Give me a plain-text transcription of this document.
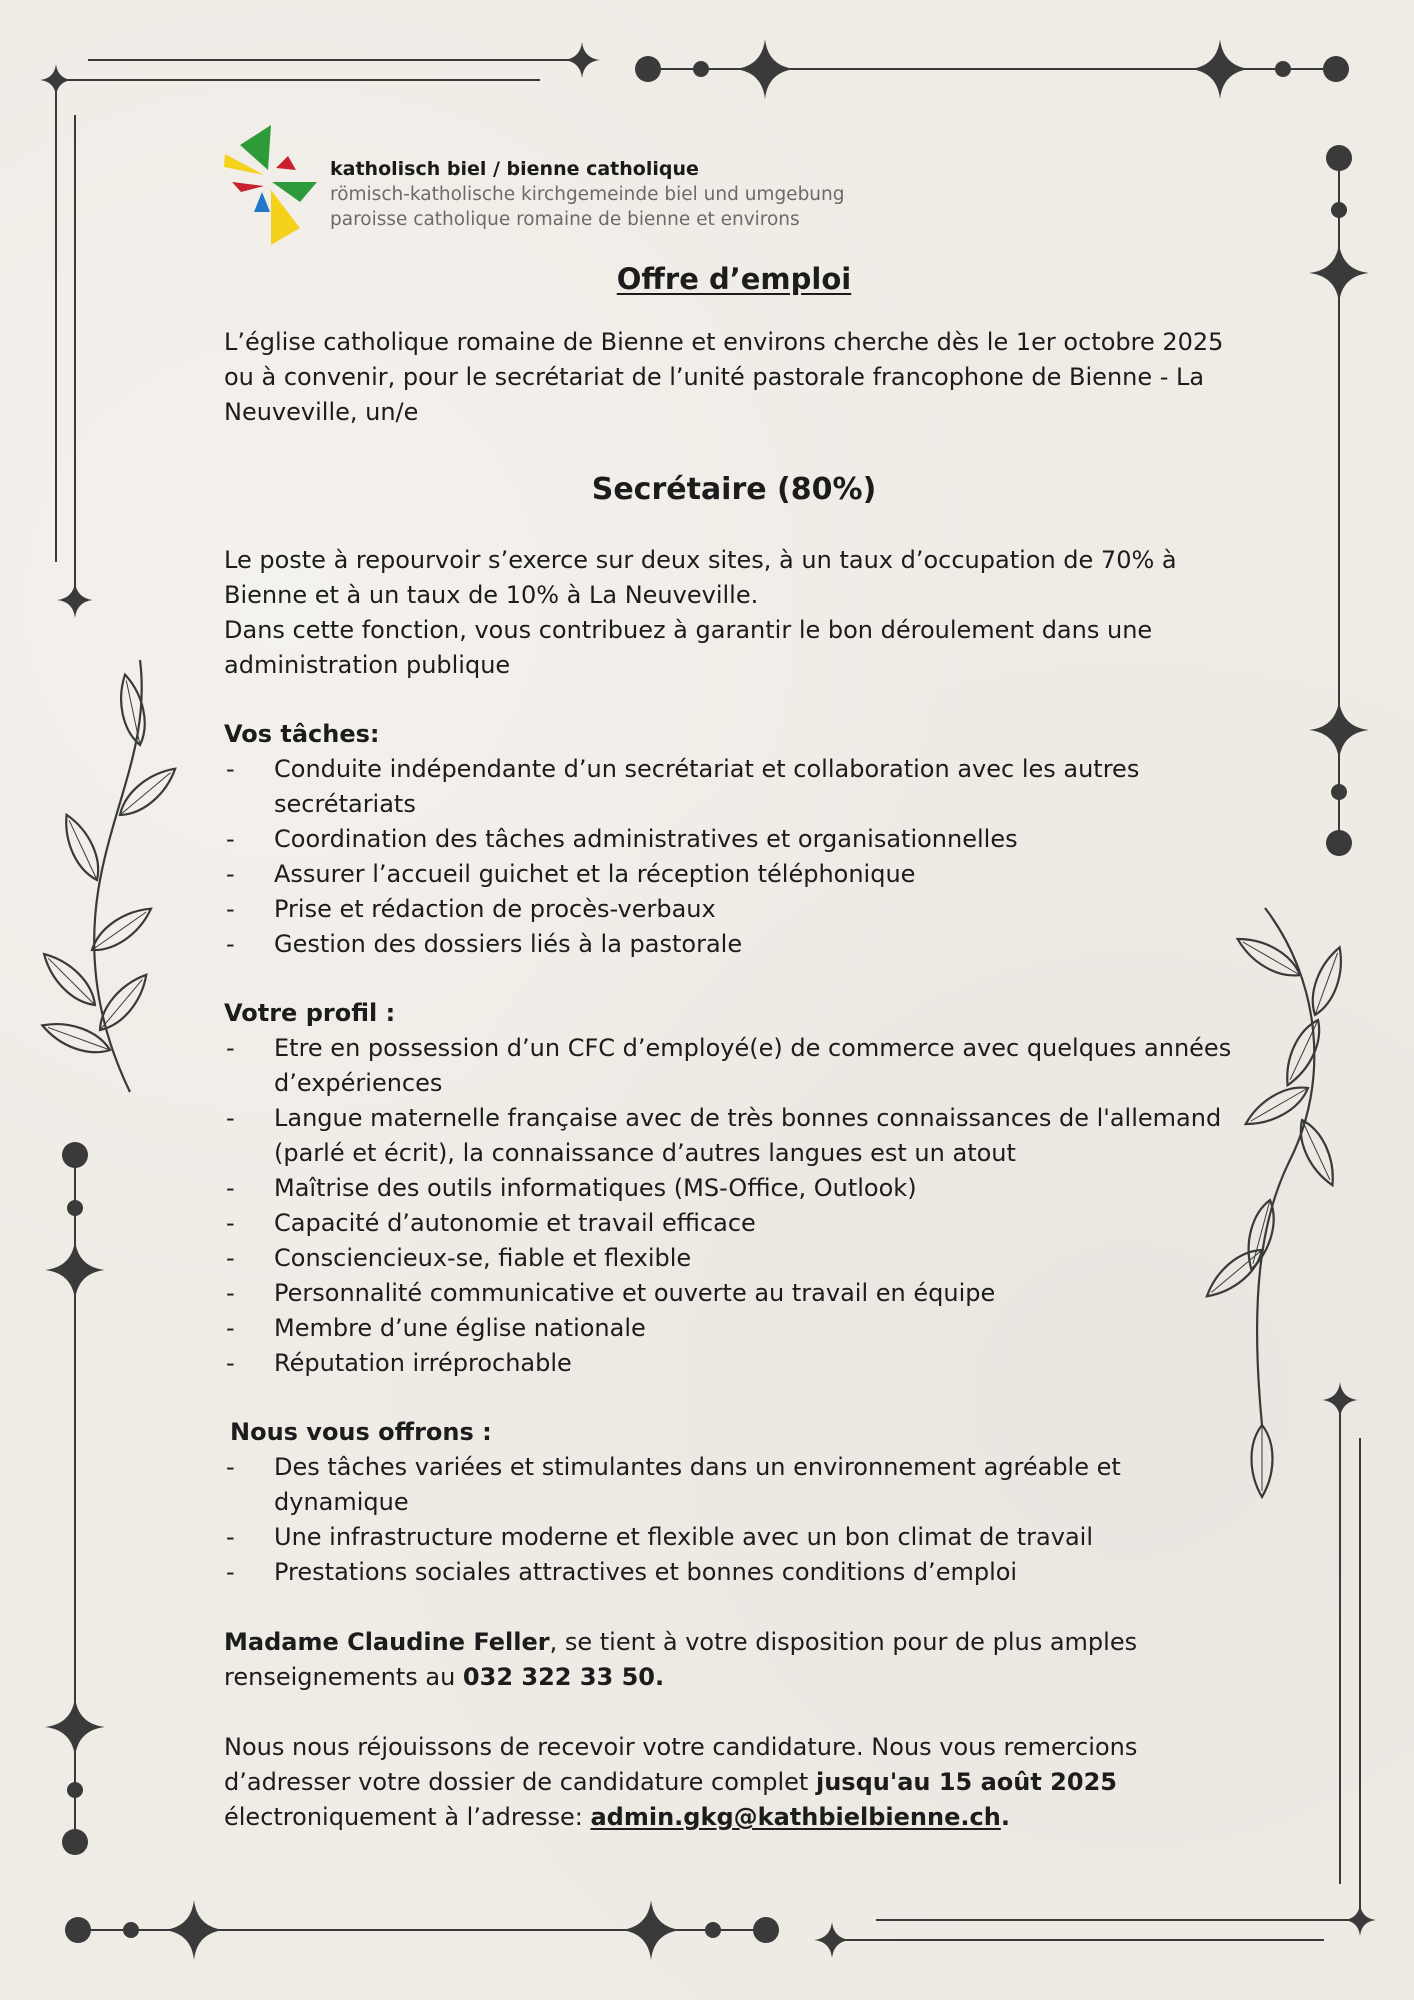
katholisch biel / bienne catholique
römisch-katholische kirchgemeinde biel und umgebung
paroisse catholique romaine de bienne et environs
Offre d’emploi

L’église catholique romaine de Bienne et environs cherche dès le 1er octobre 2025 ou à convenir, pour le secrétariat de l’unité pastorale francophone de Bienne - La Neuveville, un/e

Secrétaire (80%)

Le poste à repourvoir s’exerce sur deux sites, à un taux d’occupation de 70% à Bienne et à un taux de 10% à La Neuveville.

Dans cette fonction, vous contribuez à garantir le bon déroulement dans une administration publique

Vos tâches:
- Conduite indépendante d’un secrétariat et collaboration avec les autres secrétariats
- Coordination des tâches administratives et organisationnelles
- Assurer l’accueil guichet et la réception téléphonique
- Prise et rédaction de procès-verbaux
- Gestion des dossiers liés à la pastorale
Votre profil :
- Etre en possession d’un CFC d’employé(e) de commerce avec quelques années d’expériences
- Langue maternelle française avec de très bonnes connaissances de l'allemand (parlé et écrit), la connaissance d’autres langues est un atout
- Maîtrise des outils informatiques (MS-Office, Outlook)
- Capacité d’autonomie et travail efficace
- Consciencieux-se, fiable et flexible
- Personnalité communicative et ouverte au travail en équipe
- Membre d’une église nationale
- Réputation irréprochable
Nous vous offrons :
- Des tâches variées et stimulantes dans un environnement agréable et dynamique
- Une infrastructure moderne et flexible avec un bon climat de travail
- Prestations sociales attractives et bonnes conditions d’emploi

Madame Claudine Feller, se tient à votre disposition pour de plus amples renseignements au 032 322 33 50.

Nous nous réjouissons de recevoir votre candidature. Nous vous remercions d’adresser votre dossier de candidature complet jusqu'au 15 août 2025 électroniquement à l’adresse: admin.gkg@kathbielbienne.ch.
